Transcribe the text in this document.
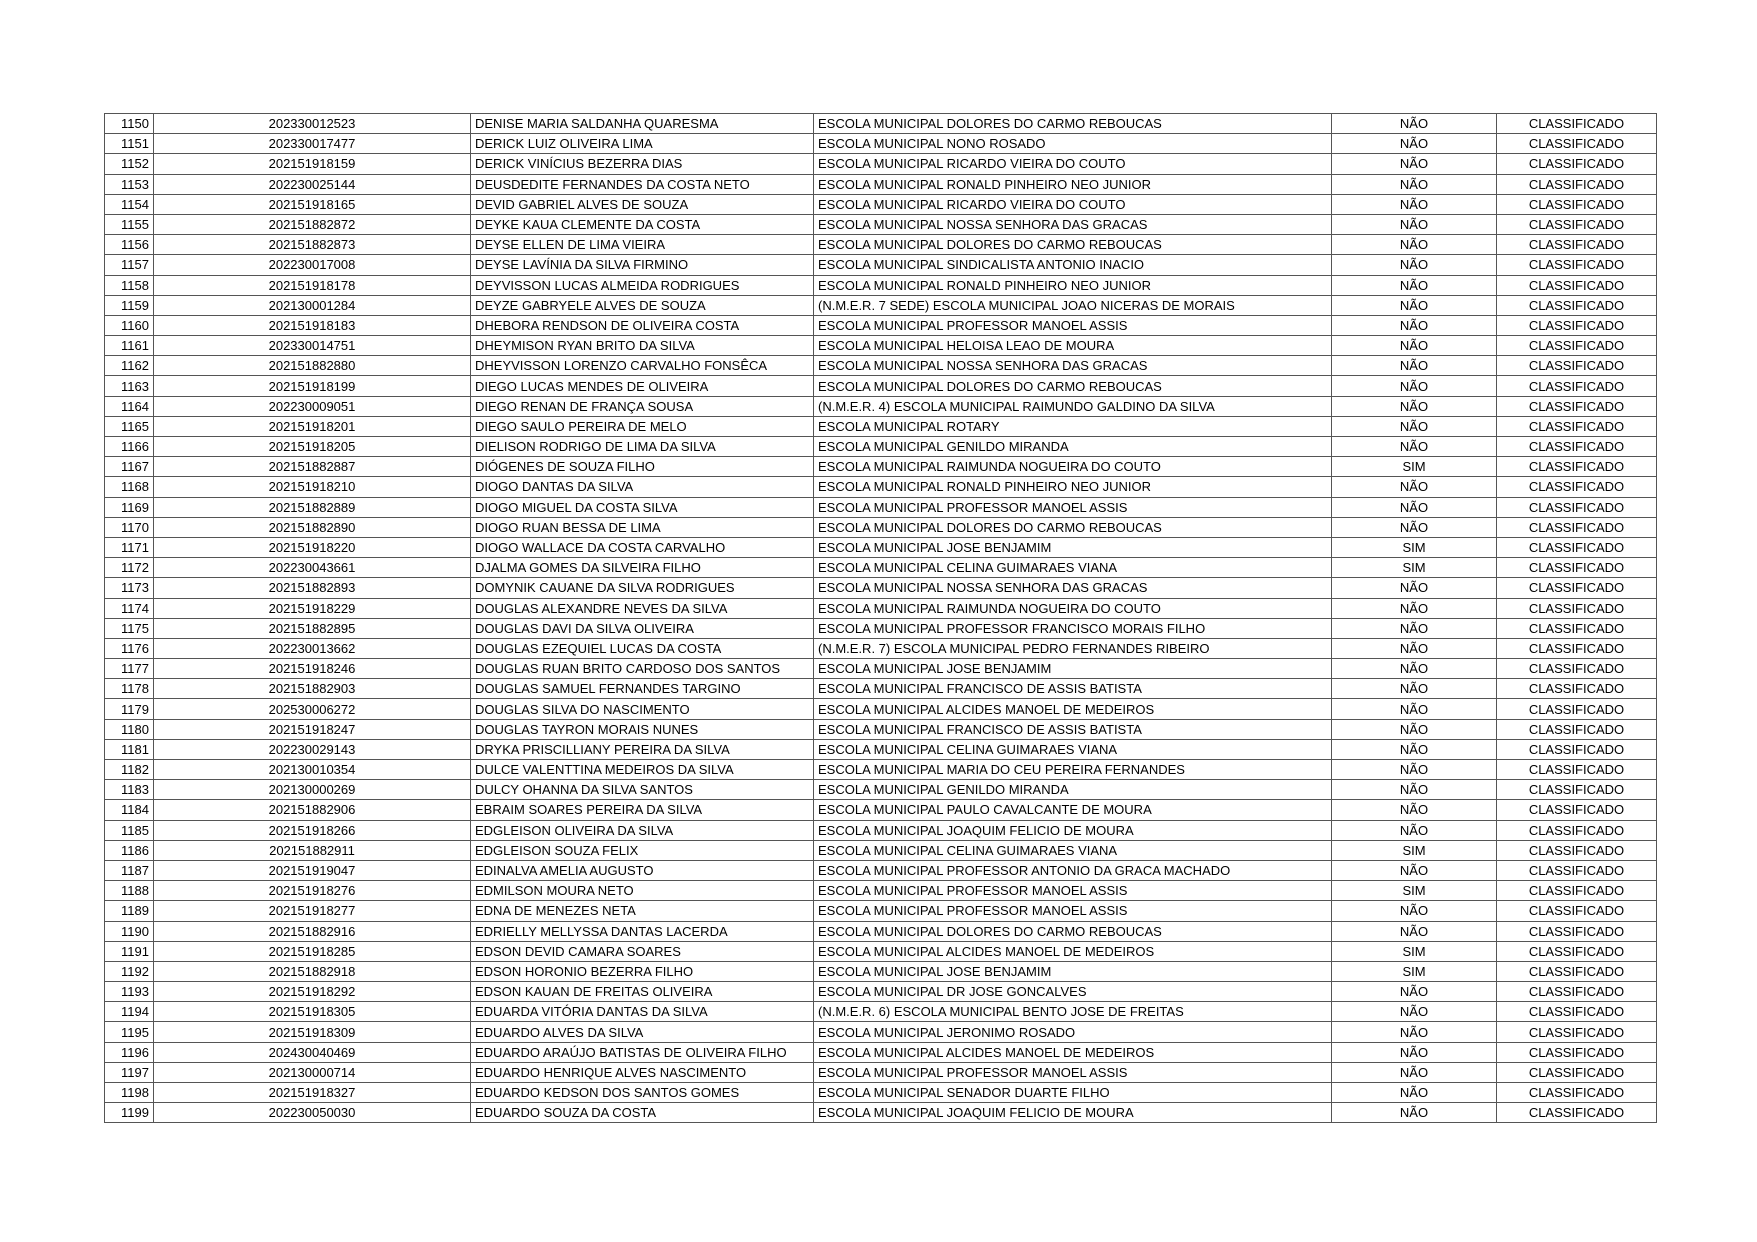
1150	202330012523	DENISE MARIA SALDANHA QUARESMA	ESCOLA MUNICIPAL DOLORES DO CARMO REBOUCAS	NÃO	CLASSIFICADO
1151	202330017477	DERICK LUIZ OLIVEIRA LIMA	ESCOLA MUNICIPAL NONO ROSADO	NÃO	CLASSIFICADO
1152	202151918159	DERICK VINÍCIUS BEZERRA DIAS	ESCOLA MUNICIPAL RICARDO VIEIRA DO COUTO	NÃO	CLASSIFICADO
1153	202230025144	DEUSDEDITE FERNANDES DA COSTA NETO	ESCOLA MUNICIPAL RONALD PINHEIRO NEO JUNIOR	NÃO	CLASSIFICADO
1154	202151918165	DEVID GABRIEL ALVES DE SOUZA	ESCOLA MUNICIPAL RICARDO VIEIRA DO COUTO	NÃO	CLASSIFICADO
1155	202151882872	DEYKE KAUA CLEMENTE DA COSTA	ESCOLA MUNICIPAL NOSSA SENHORA DAS GRACAS	NÃO	CLASSIFICADO
1156	202151882873	DEYSE ELLEN DE LIMA VIEIRA	ESCOLA MUNICIPAL DOLORES DO CARMO REBOUCAS	NÃO	CLASSIFICADO
1157	202230017008	DEYSE LAVÍNIA DA SILVA FIRMINO	ESCOLA MUNICIPAL SINDICALISTA ANTONIO INACIO	NÃO	CLASSIFICADO
1158	202151918178	DEYVISSON LUCAS ALMEIDA RODRIGUES	ESCOLA MUNICIPAL RONALD PINHEIRO NEO JUNIOR	NÃO	CLASSIFICADO
1159	202130001284	DEYZE GABRYELE ALVES DE SOUZA	(N.M.E.R. 7 SEDE) ESCOLA MUNICIPAL JOAO NICERAS DE MORAIS	NÃO	CLASSIFICADO
1160	202151918183	DHEBORA RENDSON DE OLIVEIRA COSTA	ESCOLA MUNICIPAL PROFESSOR MANOEL ASSIS	NÃO	CLASSIFICADO
1161	202330014751	DHEYMISON RYAN BRITO DA SILVA	ESCOLA MUNICIPAL HELOISA LEAO DE MOURA	NÃO	CLASSIFICADO
1162	202151882880	DHEYVISSON LORENZO CARVALHO FONSÊCA	ESCOLA MUNICIPAL NOSSA SENHORA DAS GRACAS	NÃO	CLASSIFICADO
1163	202151918199	DIEGO LUCAS MENDES DE OLIVEIRA	ESCOLA MUNICIPAL DOLORES DO CARMO REBOUCAS	NÃO	CLASSIFICADO
1164	202230009051	DIEGO RENAN DE FRANÇA SOUSA	(N.M.E.R. 4) ESCOLA MUNICIPAL RAIMUNDO GALDINO DA SILVA	NÃO	CLASSIFICADO
1165	202151918201	DIEGO SAULO PEREIRA DE MELO	ESCOLA MUNICIPAL ROTARY	NÃO	CLASSIFICADO
1166	202151918205	DIELISON RODRIGO DE LIMA DA SILVA	ESCOLA MUNICIPAL GENILDO MIRANDA	NÃO	CLASSIFICADO
1167	202151882887	DIÓGENES DE SOUZA FILHO	ESCOLA MUNICIPAL RAIMUNDA NOGUEIRA DO COUTO	SIM	CLASSIFICADO
1168	202151918210	DIOGO DANTAS DA SILVA	ESCOLA MUNICIPAL RONALD PINHEIRO NEO JUNIOR	NÃO	CLASSIFICADO
1169	202151882889	DIOGO MIGUEL DA COSTA SILVA	ESCOLA MUNICIPAL PROFESSOR MANOEL ASSIS	NÃO	CLASSIFICADO
1170	202151882890	DIOGO RUAN BESSA DE LIMA	ESCOLA MUNICIPAL DOLORES DO CARMO REBOUCAS	NÃO	CLASSIFICADO
1171	202151918220	DIOGO WALLACE DA COSTA CARVALHO	ESCOLA MUNICIPAL JOSE BENJAMIM	SIM	CLASSIFICADO
1172	202230043661	DJALMA GOMES DA SILVEIRA FILHO	ESCOLA MUNICIPAL CELINA GUIMARAES VIANA	SIM	CLASSIFICADO
1173	202151882893	DOMYNIK CAUANE DA SILVA RODRIGUES	ESCOLA MUNICIPAL NOSSA SENHORA DAS GRACAS	NÃO	CLASSIFICADO
1174	202151918229	DOUGLAS ALEXANDRE NEVES DA SILVA	ESCOLA MUNICIPAL RAIMUNDA NOGUEIRA DO COUTO	NÃO	CLASSIFICADO
1175	202151882895	DOUGLAS DAVI DA SILVA OLIVEIRA	ESCOLA MUNICIPAL PROFESSOR FRANCISCO MORAIS FILHO	NÃO	CLASSIFICADO
1176	202230013662	DOUGLAS EZEQUIEL LUCAS DA COSTA	(N.M.E.R. 7) ESCOLA MUNICIPAL PEDRO FERNANDES RIBEIRO	NÃO	CLASSIFICADO
1177	202151918246	DOUGLAS RUAN BRITO CARDOSO DOS SANTOS	ESCOLA MUNICIPAL JOSE BENJAMIM	NÃO	CLASSIFICADO
1178	202151882903	DOUGLAS SAMUEL FERNANDES TARGINO	ESCOLA MUNICIPAL FRANCISCO DE ASSIS BATISTA	NÃO	CLASSIFICADO
1179	202530006272	DOUGLAS SILVA DO NASCIMENTO	ESCOLA MUNICIPAL ALCIDES MANOEL DE MEDEIROS	NÃO	CLASSIFICADO
1180	202151918247	DOUGLAS TAYRON MORAIS NUNES	ESCOLA MUNICIPAL FRANCISCO DE ASSIS BATISTA	NÃO	CLASSIFICADO
1181	202230029143	DRYKA PRISCILLIANY PEREIRA DA SILVA	ESCOLA MUNICIPAL CELINA GUIMARAES VIANA	NÃO	CLASSIFICADO
1182	202130010354	DULCE VALENTTINA MEDEIROS DA SILVA	ESCOLA MUNICIPAL MARIA DO CEU PEREIRA FERNANDES	NÃO	CLASSIFICADO
1183	202130000269	DULCY OHANNA DA SILVA SANTOS	ESCOLA MUNICIPAL GENILDO MIRANDA	NÃO	CLASSIFICADO
1184	202151882906	EBRAIM SOARES PEREIRA DA SILVA	ESCOLA MUNICIPAL PAULO CAVALCANTE DE MOURA	NÃO	CLASSIFICADO
1185	202151918266	EDGLEISON OLIVEIRA DA SILVA	ESCOLA MUNICIPAL JOAQUIM FELICIO DE MOURA	NÃO	CLASSIFICADO
1186	202151882911	EDGLEISON SOUZA FELIX	ESCOLA MUNICIPAL CELINA GUIMARAES VIANA	SIM	CLASSIFICADO
1187	202151919047	EDINALVA AMELIA AUGUSTO	ESCOLA MUNICIPAL PROFESSOR ANTONIO DA GRACA MACHADO	NÃO	CLASSIFICADO
1188	202151918276	EDMILSON MOURA NETO	ESCOLA MUNICIPAL PROFESSOR MANOEL ASSIS	SIM	CLASSIFICADO
1189	202151918277	EDNA DE MENEZES NETA	ESCOLA MUNICIPAL PROFESSOR MANOEL ASSIS	NÃO	CLASSIFICADO
1190	202151882916	EDRIELLY MELLYSSA DANTAS LACERDA	ESCOLA MUNICIPAL DOLORES DO CARMO REBOUCAS	NÃO	CLASSIFICADO
1191	202151918285	EDSON DEVID CAMARA SOARES	ESCOLA MUNICIPAL ALCIDES MANOEL DE MEDEIROS	SIM	CLASSIFICADO
1192	202151882918	EDSON HORONIO BEZERRA FILHO	ESCOLA MUNICIPAL JOSE BENJAMIM	SIM	CLASSIFICADO
1193	202151918292	EDSON KAUAN DE FREITAS OLIVEIRA	ESCOLA MUNICIPAL DR JOSE GONCALVES	NÃO	CLASSIFICADO
1194	202151918305	EDUARDA VITÓRIA DANTAS DA SILVA	(N.M.E.R. 6) ESCOLA MUNICIPAL BENTO JOSE DE FREITAS	NÃO	CLASSIFICADO
1195	202151918309	EDUARDO ALVES DA SILVA	ESCOLA MUNICIPAL JERONIMO ROSADO	NÃO	CLASSIFICADO
1196	202430040469	EDUARDO ARAÚJO BATISTAS DE OLIVEIRA FILHO	ESCOLA MUNICIPAL ALCIDES MANOEL DE MEDEIROS	NÃO	CLASSIFICADO
1197	202130000714	EDUARDO HENRIQUE ALVES NASCIMENTO	ESCOLA MUNICIPAL PROFESSOR MANOEL ASSIS	NÃO	CLASSIFICADO
1198	202151918327	EDUARDO KEDSON DOS SANTOS GOMES	ESCOLA MUNICIPAL SENADOR DUARTE FILHO	NÃO	CLASSIFICADO
1199	202230050030	EDUARDO SOUZA DA COSTA	ESCOLA MUNICIPAL JOAQUIM FELICIO DE MOURA	NÃO	CLASSIFICADO
